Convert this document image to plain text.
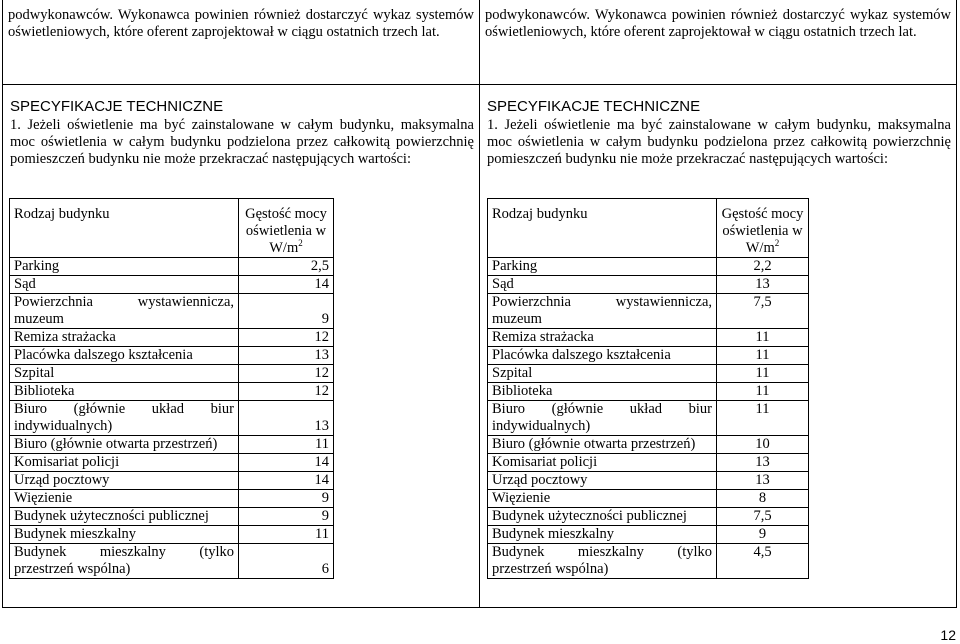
podwykonawców. Wykonawca powinien również dostarczyć wykaz systemów oświetleniowych, które oferent zaprojektował w ciągu ostatnich trzech lat.
SPECYFIKACJE TECHNICZNE
1. Jeżeli oświetlenie ma być zainstalowane w całym budynku, maksymalna moc oświetlenia w całym budynku podzielona przez całkowitą powierzchnię pomieszczeń budynku nie może przekraczać następujących wartości:
Rodzaj budynku	Gęstość mocy oświetlenia w $W/m^2$
Parking	2,5
Sąd	14

Powierzchnia wystawiennicza,
muzeum	9
Remiza strażacka	12
Placówka dalszego kształcenia	13
Szpital	12
Biblioteka	12

Biuro (głównie układ biur
indywidualnych)	13
Biuro (głównie otwarta przestrzeń)	11
Komisariat policji	14
Urząd pocztowy	14
Więzienie	9
Budynek użyteczności publicznej	9
Budynek mieszkalny	11

Budynek mieszkalny (tylko
przestrzeń wspólna)	6
podwykonawców. Wykonawca powinien również dostarczyć wykaz systemów oświetleniowych, które oferent zaprojektował w ciągu ostatnich trzech lat.
SPECYFIKACJE TECHNICZNE
1. Jeżeli oświetlenie ma być zainstalowane w całym budynku, maksymalna moc oświetlenia w całym budynku podzielona przez całkowitą powierzchnię pomieszczeń budynku nie może przekraczać następujących wartości:
Rodzaj budynku	Gęstość mocy oświetlenia w $W/m^2$
Parking	2,2
Sąd	13

Powierzchnia wystawiennicza,
muzeum	7,5
Remiza strażacka	11
Placówka dalszego kształcenia	11
Szpital	11
Biblioteka	11

Biuro (głównie układ biur
indywidualnych)	11
Biuro (głównie otwarta przestrzeń)	10
Komisariat policji	13
Urząd pocztowy	13
Więzienie	8
Budynek użyteczności publicznej	7,5
Budynek mieszkalny	9

Budynek mieszkalny (tylko
przestrzeń wspólna)	4,5
12
